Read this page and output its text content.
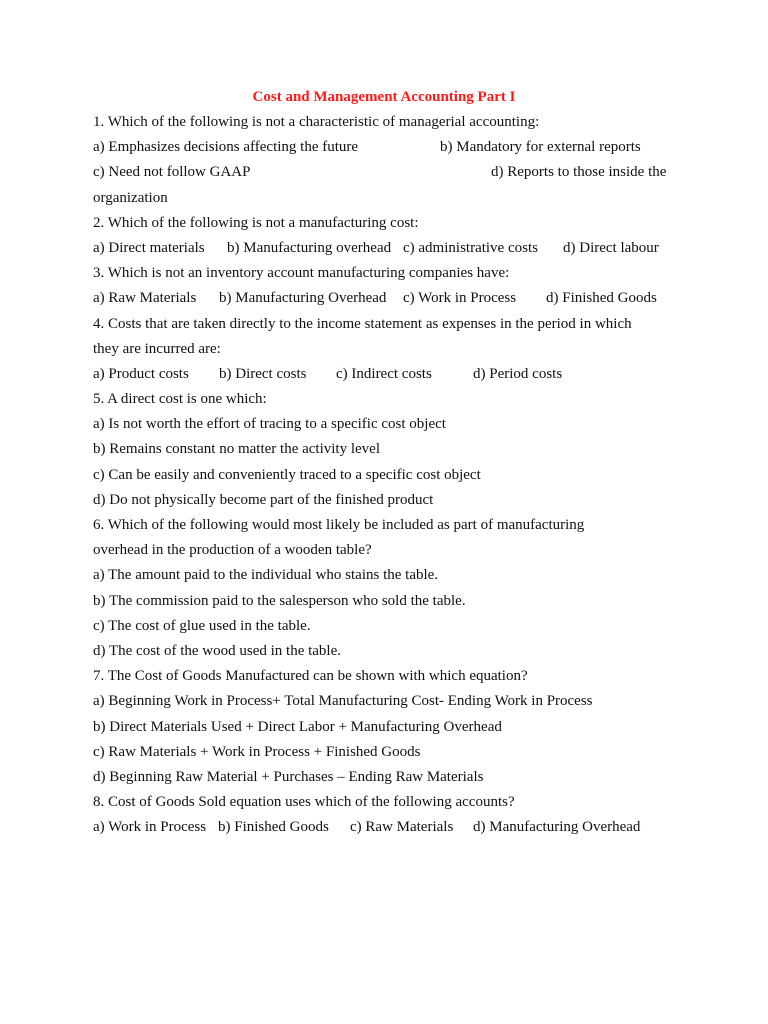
Cost and Management Accounting Part I
1. Which of the following is not a characteristic of managerial accounting:
a) Emphasizes decisions affecting the future	b) Mandatory for external reports
c) Need not follow GAAP	d) Reports to those inside the
organization
2. Which of the following is not a manufacturing cost:
a) Direct materials b) Manufacturing overhead c) administrative costs d) Direct labour
3. Which is not an inventory account manufacturing companies have:
a) Raw Materials b) Manufacturing Overhead c) Work in Process d) Finished Goods
4. Costs that are taken directly to the income statement as expenses in the period in which
they are incurred are:
a) Product costs b) Direct costs c) Indirect costs	d) Period costs
5. A direct cost is one which:
a) Is not worth the effort of tracing to a specific cost object
b) Remains constant no matter the activity level
c) Can be easily and conveniently traced to a specific cost object
d) Do not physically become part of the finished product
6. Which of the following would most likely be included as part of manufacturing
overhead in the production of a wooden table?
a) The amount paid to the individual who stains the table.
b) The commission paid to the salesperson who sold the table.
c) The cost of glue used in the table.
d) The cost of the wood used in the table.
7. The Cost of Goods Manufactured can be shown with which equation?
a) Beginning Work in Process+ Total Manufacturing Cost- Ending Work in Process
b) Direct Materials Used + Direct Labor + Manufacturing Overhead
c) Raw Materials + Work in Process + Finished Goods
d) Beginning Raw Material + Purchases – Ending Raw Materials
8. Cost of Goods Sold equation uses which of the following accounts?
a) Work in Process b) Finished Goods c) Raw Materials d) Manufacturing Overhead
